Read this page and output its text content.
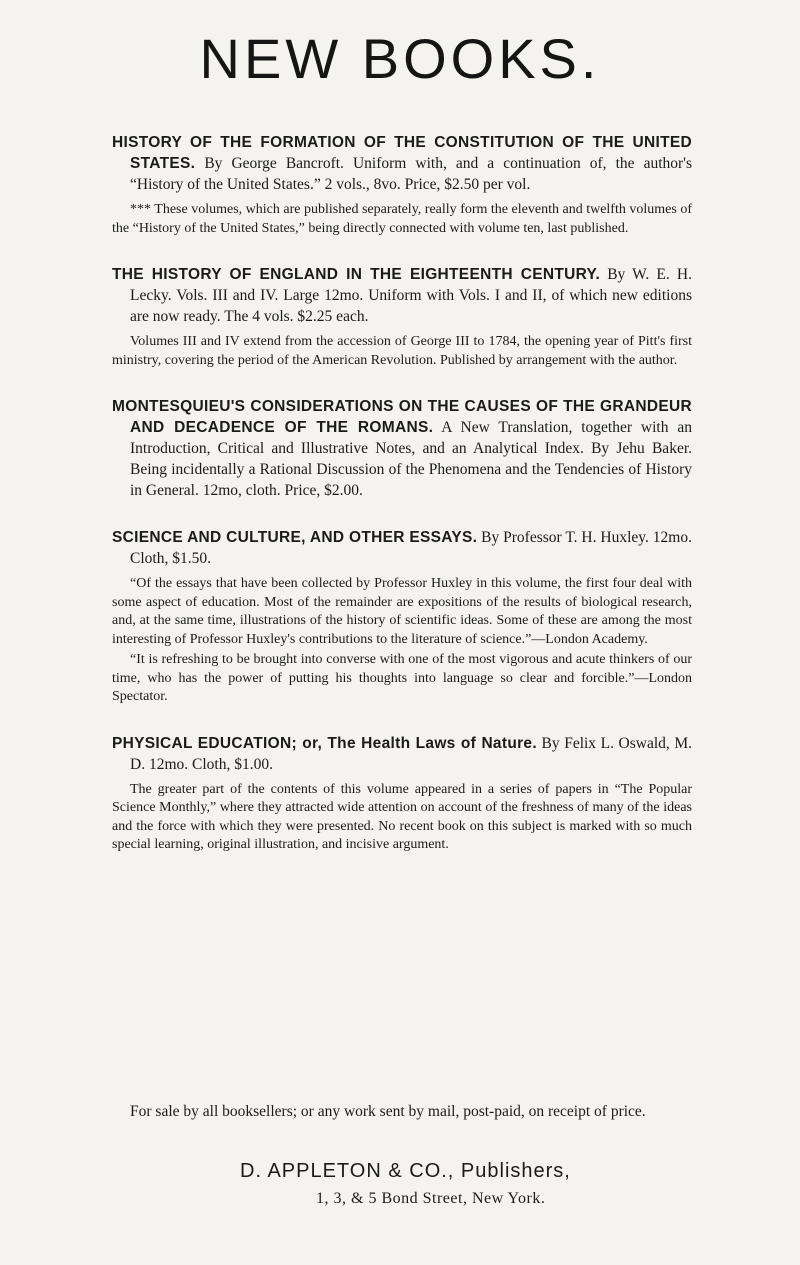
NEW BOOKS.

HISTORY OF THE FORMATION OF THE CONSTITUTION OF THE UNITED STATES. By George Bancroft. Uniform with, and a continuation of, the author's “History of the United States.” 2 vols., 8vo. Price, $2.50 per vol.

*** These volumes, which are published separately, really form the eleventh and twelfth volumes of the “History of the United States,” being directly connected with volume ten, last published.

THE HISTORY OF ENGLAND IN THE EIGHTEENTH CENTURY. By W. E. H. Lecky. Vols. III and IV. Large 12mo. Uniform with Vols. I and II, of which new editions are now ready. The 4 vols. $2.25 each.

Volumes III and IV extend from the accession of George III to 1784, the opening year of Pitt's first ministry, covering the period of the American Revolution. Published by arrangement with the author.

MONTESQUIEU'S CONSIDERATIONS ON THE CAUSES OF THE GRANDEUR AND DECADENCE OF THE ROMANS. A New Translation, together with an Introduction, Critical and Illustrative Notes, and an Analytical Index. By Jehu Baker. Being incidentally a Rational Discussion of the Phenomena and the Tendencies of History in General. 12mo, cloth. Price, $2.00.

SCIENCE AND CULTURE, AND OTHER ESSAYS. By Professor T. H. Huxley. 12mo. Cloth, $1.50.

“Of the essays that have been collected by Professor Huxley in this volume, the first four deal with some aspect of education. Most of the remainder are expositions of the results of biological research, and, at the same time, illustrations of the history of scientific ideas. Some of these are among the most interesting of Professor Huxley's contributions to the literature of science.”—London Academy.

“It is refreshing to be brought into converse with one of the most vigorous and acute thinkers of our time, who has the power of putting his thoughts into language so clear and forcible.”—London Spectator.

PHYSICAL EDUCATION; or, The Health Laws of Nature. By Felix L. Oswald, M. D. 12mo. Cloth, $1.00.

The greater part of the contents of this volume appeared in a series of papers in “The Popular Science Monthly,” where they attracted wide attention on account of the freshness of many of the ideas and the force with which they were presented. No recent book on this subject is marked with so much special learning, original illustration, and incisive argument.

For sale by all booksellers; or any work sent by mail, post-paid, on receipt of price.

D. APPLETON & CO., Publishers,

1, 3, & 5 Bond Street, New York.
